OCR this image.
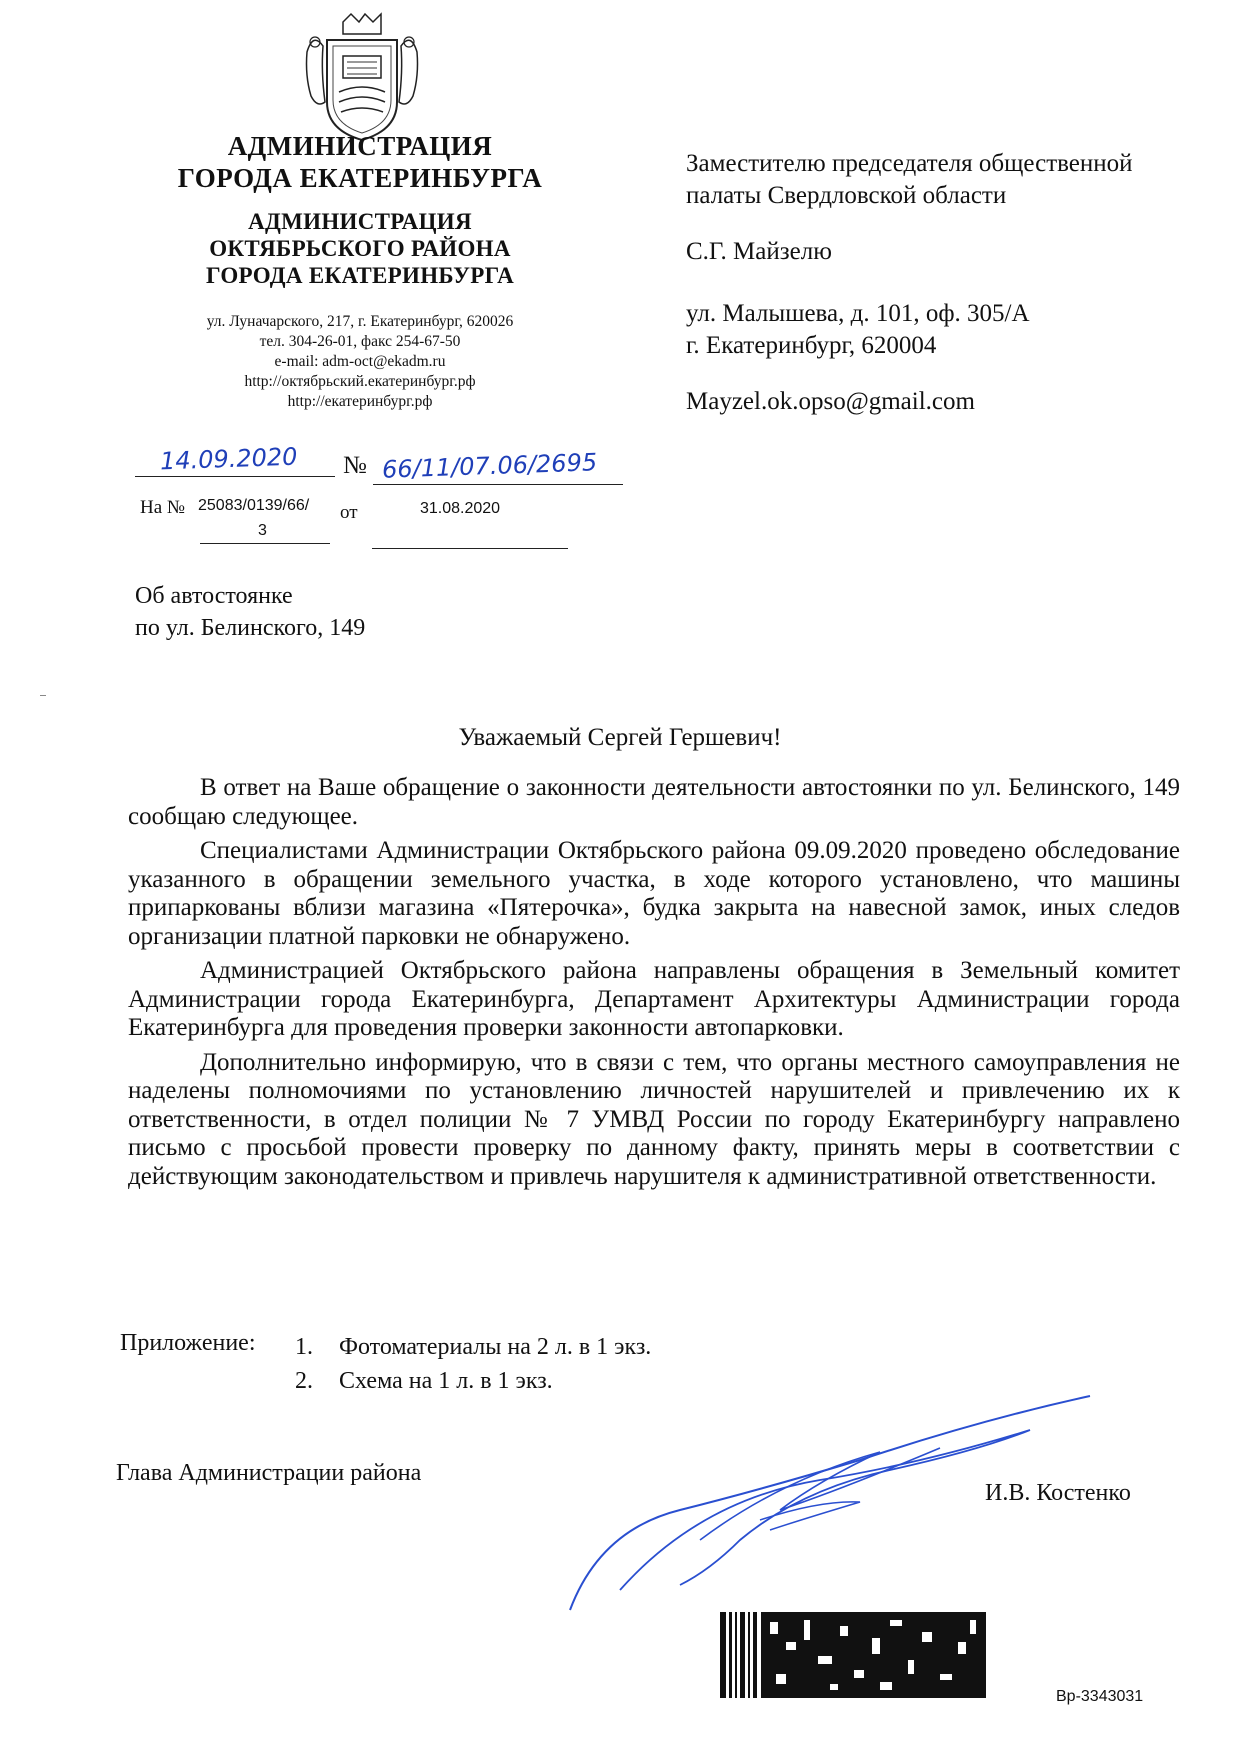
АДМИНИСТРАЦИЯ
ГОРОДА ЕКАТЕРИНБУРГА
АДМИНИСТРАЦИЯ
ОКТЯБРЬСКОГО РАЙОНА
ГОРОДА ЕКАТЕРИНБУРГА
ул. Луначарского, 217, г. Екатеринбург, 620026
тел. 304-26-01, факс 254-67-50
e-mail: adm-oct@ekadm.ru
http://октябрьский.екатеринбург.рф
http://екатеринбург.рф
Заместителю председателя общественной
палаты Свердловской области
С.Г. Майзелю
ул. Малышева, д. 101, оф. 305/А
г. Екатеринбург, 620004
Mayzel.ok.opso@gmail.com
14.09.2020 № 66/11/07.06/2695
На № 25083/0139/66/
3
от	31.08.2020
Об автостоянке
по ул. Белинского, 149
Уважаемый Сергей Гершевич!

В ответ на Ваше обращение о законности деятельности автостоянки по ул. Белинского, 149 сообщаю следующее.

Специалистами Администрации Октябрьского района 09.09.2020 проведено обследование указанного в обращении земельного участка, в ходе которого установлено, что машины припаркованы вблизи магазина «Пятерочка», будка закрыта на навесной замок, иных следов организации платной парковки не обнаружено.

Администрацией Октябрьского района направлены обращения в Земельный комитет Администрации города Екатеринбурга, Департамент Архитектуры Администрации города Екатеринбурга для проведения проверки законности автопарковки.

Дополнительно информирую, что в связи с тем, что органы местного самоуправления не наделены полномочиями по установлению личностей нарушителей и привлечению их к ответственности, в отдел полиции № 7 УМВД России по городу Екатеринбургу направлено письмо с просьбой провести проверку по данному факту, принять меры в соответствии с действующим законодательством и привлечь нарушителя к административной ответственности.

Приложение: 1. Фотоматериалы на 2 л. в 1 экз.
2. Схема на 1 л. в 1 экз.
Глава Администрации района
И.В. Костенко
Вр-3343031
